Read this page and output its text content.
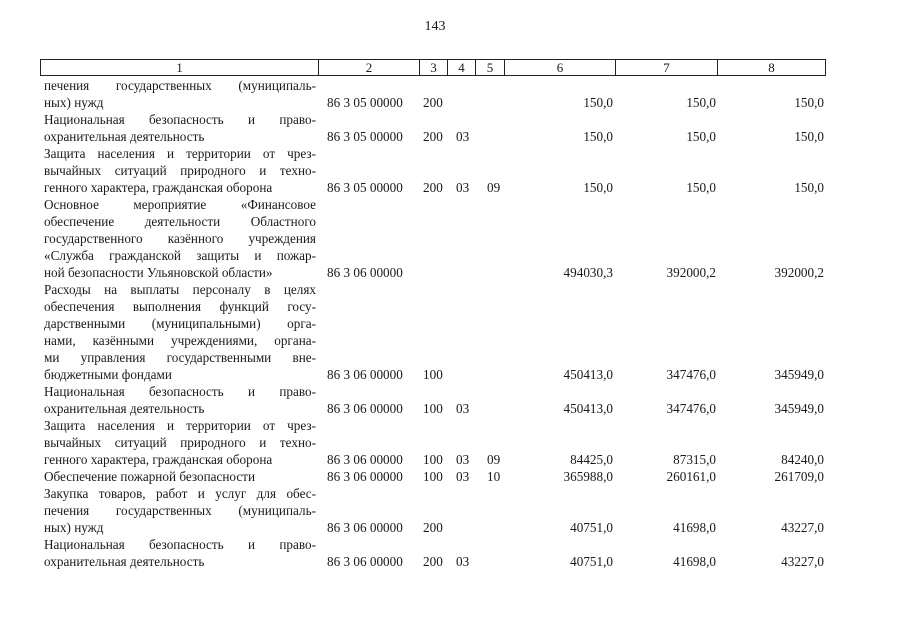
143
1	2	3	4	5	6	7	8
печения государственных (муниципаль-
ных) нужд	86 3 05 00000 200	150,0	150,0	150,0
Национальная безопасность и право-
охранительная деятельность	86 3 05 00000 200 03	150,0	150,0	150,0
Защита населения и территории от чрез-
вычайных ситуаций природного и техно-
генного характера, гражданская оборона	86 3 05 00000 200 03 09	150,0	150,0	150,0
Основное мероприятие «Финансовое
обеспечение деятельности Областного
государственного казённого учреждения
«Служба гражданской защиты и пожар-
ной безопасности Ульяновской области»	86 3 06 00000	494030,3	392000,2	392000,2
Расходы на выплаты персоналу в целях
обеспечения выполнения функций госу-
дарственными (муниципальными) орга-
нами, казёнными учреждениями, органа-
ми управления государственными вне-
бюджетными фондами	86 3 06 00000 100	450413,0	347476,0	345949,0
Национальная безопасность и право-
охранительная деятельность	86 3 06 00000 100 03	450413,0	347476,0	345949,0
Защита населения и территории от чрез-
вычайных ситуаций природного и техно-
генного характера, гражданская оборона	86 3 06 00000 100 03 09	84425,0	87315,0	84240,0
Обеспечение пожарной безопасности	86 3 06 00000 100 03 10	365988,0	260161,0	261709,0
Закупка товаров, работ и услуг для обес-
печения государственных (муниципаль-
ных) нужд	86 3 06 00000 200	40751,0	41698,0	43227,0
Национальная безопасность и право-
охранительная деятельность	86 3 06 00000 200 03	40751,0	41698,0	43227,0
